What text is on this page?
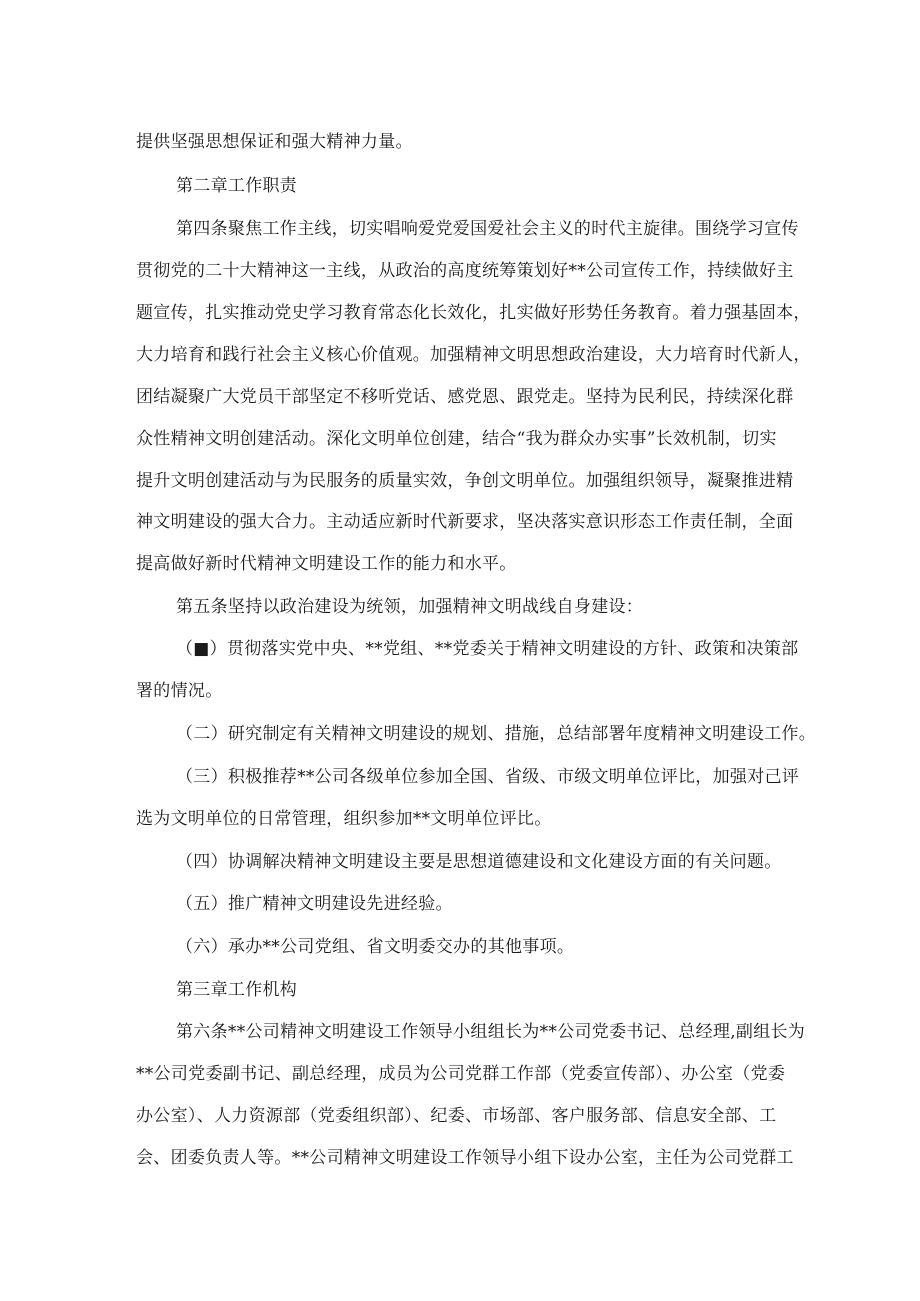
提供坚强思想保证和强大精神力量。
第二章工作职责
第四条聚焦工作主线，切实唱响爱党爱国爱社会主义的时代主旋律。围绕学习宣传
贯彻党的二十大精神这一主线，从政治的高度统筹策划好**公司宣传工作，持续做好主
题宣传，扎实推动党史学习教育常态化长效化，扎实做好形势任务教育。着力强基固本，
大力培育和践行社会主义核心价值观。加强精神文明思想政治建设，大力培育时代新人，
团结凝聚广大党员干部坚定不移听党话、感党恩、跟党走。坚持为民利民，持续深化群
众性精神文明创建活动。深化文明单位创建，结合“我为群众办实事”长效机制，切实
提升文明创建活动与为民服务的质量实效，争创文明单位。加强组织领导，凝聚推进精
神文明建设的强大合力。主动适应新时代新要求，坚决落实意识形态工作责任制，全面
提高做好新时代精神文明建设工作的能力和水平。
第五条坚持以政治建设为统领，加强精神文明战线自身建设：
（■）贯彻落实党中央、**党组、**党委关于精神文明建设的方针、政策和决策部
署的情况。
（二）研究制定有关精神文明建设的规划、措施，总结部署年度精神文明建设工作。
（三）积极推荐**公司各级单位参加全国、省级、市级文明单位评比，加强对己评
选为文明单位的日常管理，组织参加**文明单位评比。
（四）协调解决精神文明建设主要是思想道德建设和文化建设方面的有关问题。
（五）推广精神文明建设先进经验。
（六）承办**公司党组、省文明委交办的其他事项。
第三章工作机构
第六条**公司精神文明建设工作领导小组组长为**公司党委书记、总经理,副组长为
**公司党委副书记、副总经理，成员为公司党群工作部（党委宣传部）、办公室（党委
办公室）、人力资源部（党委组织部）、纪委、市场部、客户服务部、信息安全部、工
会、团委负责人等。**公司精神文明建设工作领导小组下设办公室，主任为公司党群工
